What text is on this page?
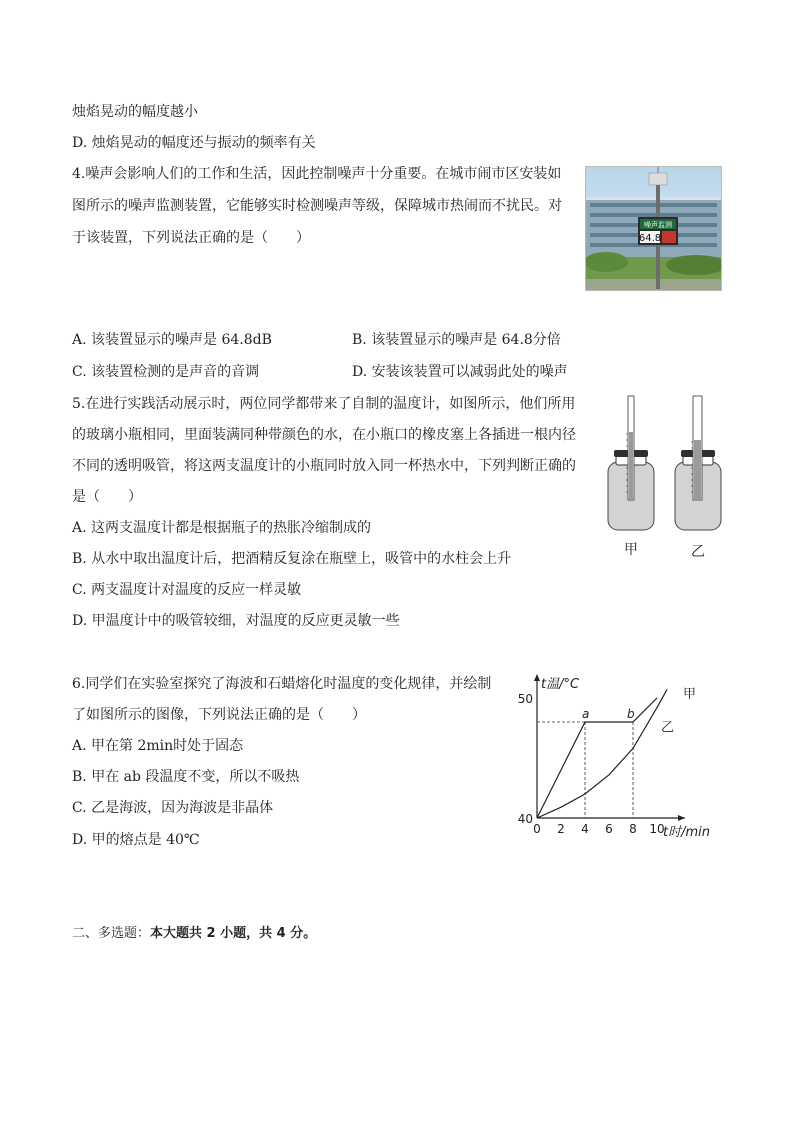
烛焰晃动的幅度越小
D. 烛焰晃动的幅度还与振动的频率有关
4.噪声会影响人们的工作和生活，因此控制噪声十分重要。在城市闹市区安装如
图所示的噪声监测装置，它能够实时检测噪声等级，保障城市热闹而不扰民。对
于该装置，下列说法正确的是（　　）
噪声监测
64.8
A. 该装置显示的噪声是 64.8dB	B. 该装置显示的噪声是 64.8分倍
C. 该装置检测的是声音的音调	D. 安装该装置可以减弱此处的噪声
5.在进行实践活动展示时，两位同学都带来了自制的温度计，如图所示，他们所用
的玻璃小瓶相同，里面装满同种带颜色的水，在小瓶口的橡皮塞上各插进一根内径
不同的透明吸管，将这两支温度计的小瓶同时放入同一杯热水中，下列判断正确的
是（　　）
A. 这两支温度计都是根据瓶子的热胀冷缩制成的
B. 从水中取出温度计后，把酒精反复涂在瓶壁上，吸管中的水柱会上升
C. 两支温度计对温度的反应一样灵敏
D. 甲温度计中的吸管较细，对温度的反应更灵敏一些
甲	乙
6.同学们在实验室探究了海波和石蜡熔化时温度的变化规律，并绘制
了如图所示的图像，下列说法正确的是（　　）
A. 甲在第 2min时处于固态
B. 甲在 ab 段温度不变，所以不吸热
C. 乙是海波，因为海波是非晶体
D. 甲的熔点是 40℃
t温/°C
t时/min
0 2 4 6 8 10
40
50	甲
乙
a	b
二、多选题：本大题共 2 小题，共 4 分。
